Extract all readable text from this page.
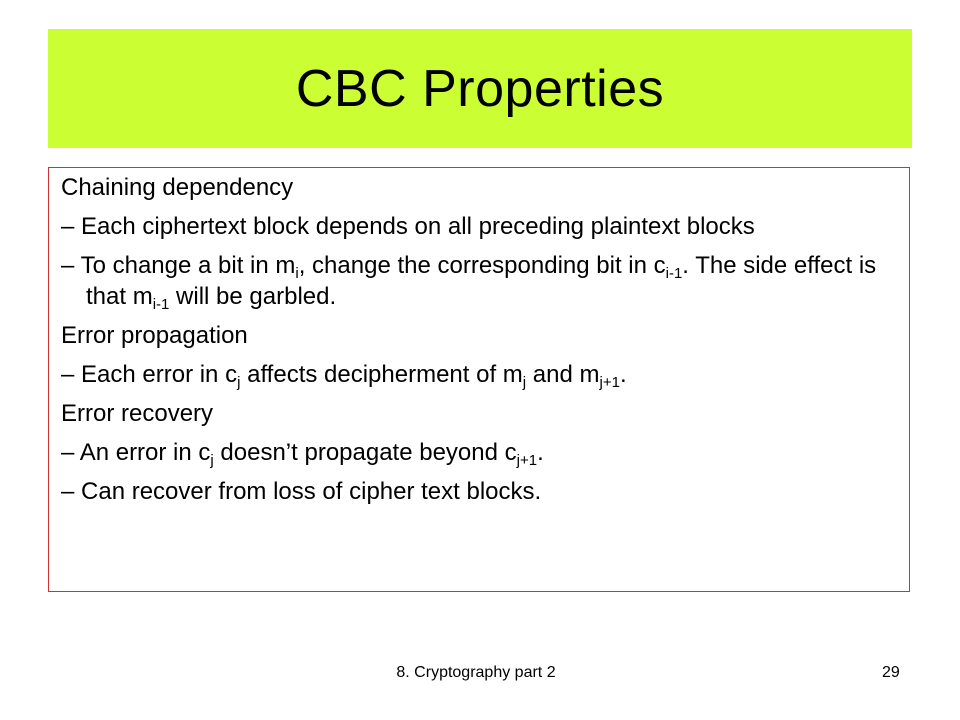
CBC Properties

Chaining dependency

– Each ciphertext block depends on all preceding plaintext blocks

– To change a bit in $m_i$, change the corresponding bit in $c_{i-1}$. The side effect is that $m_{i-1}$ will be garbled.

Error propagation

– Each error in $c_j$ affects decipherment of $m_j$ and $m_{j+1}$.

Error recovery

– An error in $c_j$ doesn’t propagate beyond $c_{j+1}$.

– Can recover from loss of cipher text blocks.

8. Cryptography part 2	29
